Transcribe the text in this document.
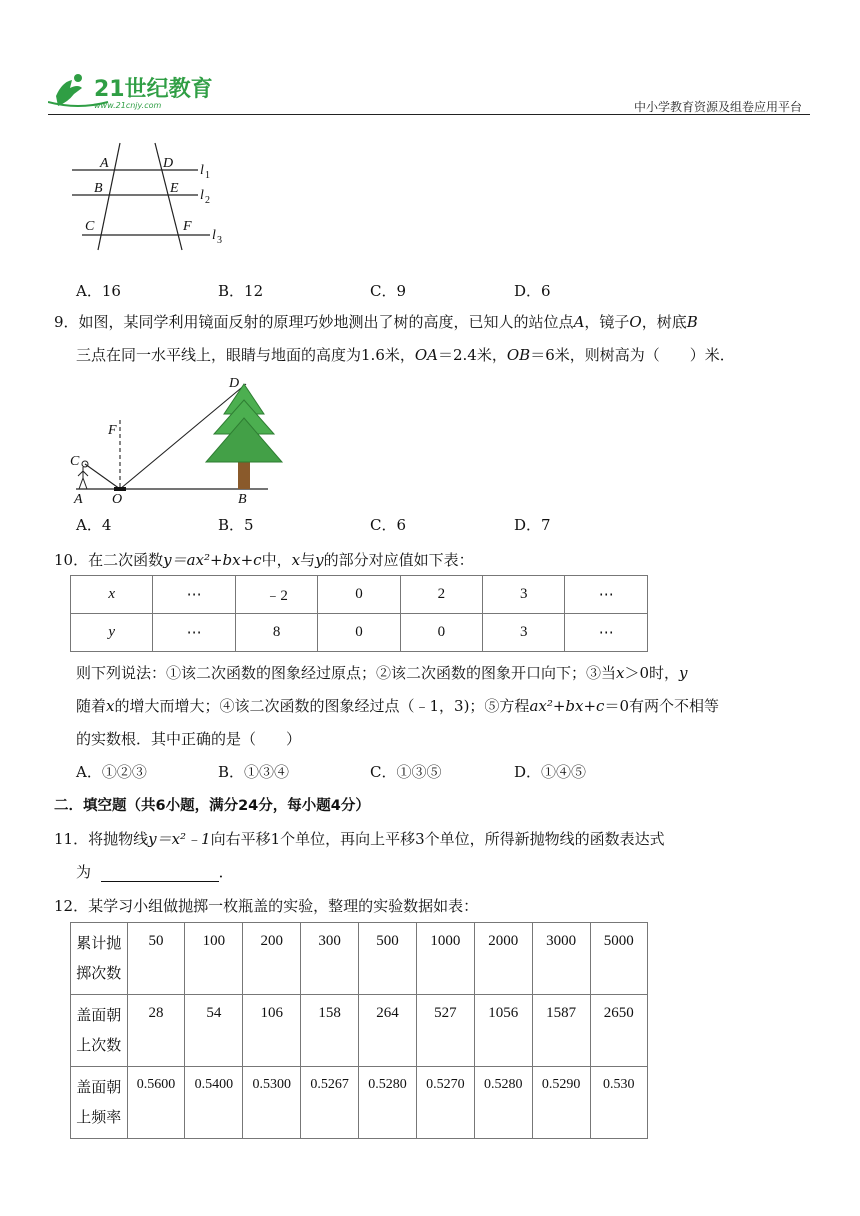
21世纪教育
www.21cnjy.com	中小学教育资源及组卷应用平台
A
B
C
D
E
F
l 1
l 2
l 3
A．16	B．12	C．9	D．6
9．如图，某同学利用镜面反射的原理巧妙地测出了树的高度，已知人的站位点A，镜子O，树底B
三点在同一水平线上，眼睛与地面的高度为1.6米，OA＝2.4米，OB＝6米，则树高为（　　）米．
D
F
C
A O	B
A．4	B．5	C．6	D．7
10．在二次函数y＝ax²+bx+c中，x与y的部分对应值如下表：
x	⋯	﹣2	0	2	3	⋯
y	⋯	8	0	0	3	⋯
则下列说法：①该二次函数的图象经过原点；②该二次函数的图象开口向下；③当x＞0时，y
随着x的增大而增大；④该二次函数的图象经过点（﹣1，3)；⑤方程ax²+bx+c＝0有两个不相等
的实数根．其中正确的是（　　）
A．①②③	B．①③④	C．①③⑤	D．①④⑤
二．填空题（共6小题，满分24分，每小题4分）
11．将抛物线y＝x²﹣1向右平移1个单位，再向上平移3个单位，所得新抛物线的函数表达式
为	．
12．某学习小组做抛掷一枚瓶盖的实验，整理的实验数据如表：
累计抛
掷次数	50	100	200	300	500	1000	2000	3000	5000
盖面朝
上次数	28	54	106	158	264	527	1056	1587	2650
盖面朝
上频率	0.5600	0.5400	0.5300	0.5267	0.5280	0.5270	0.5280	0.5290	0.530
